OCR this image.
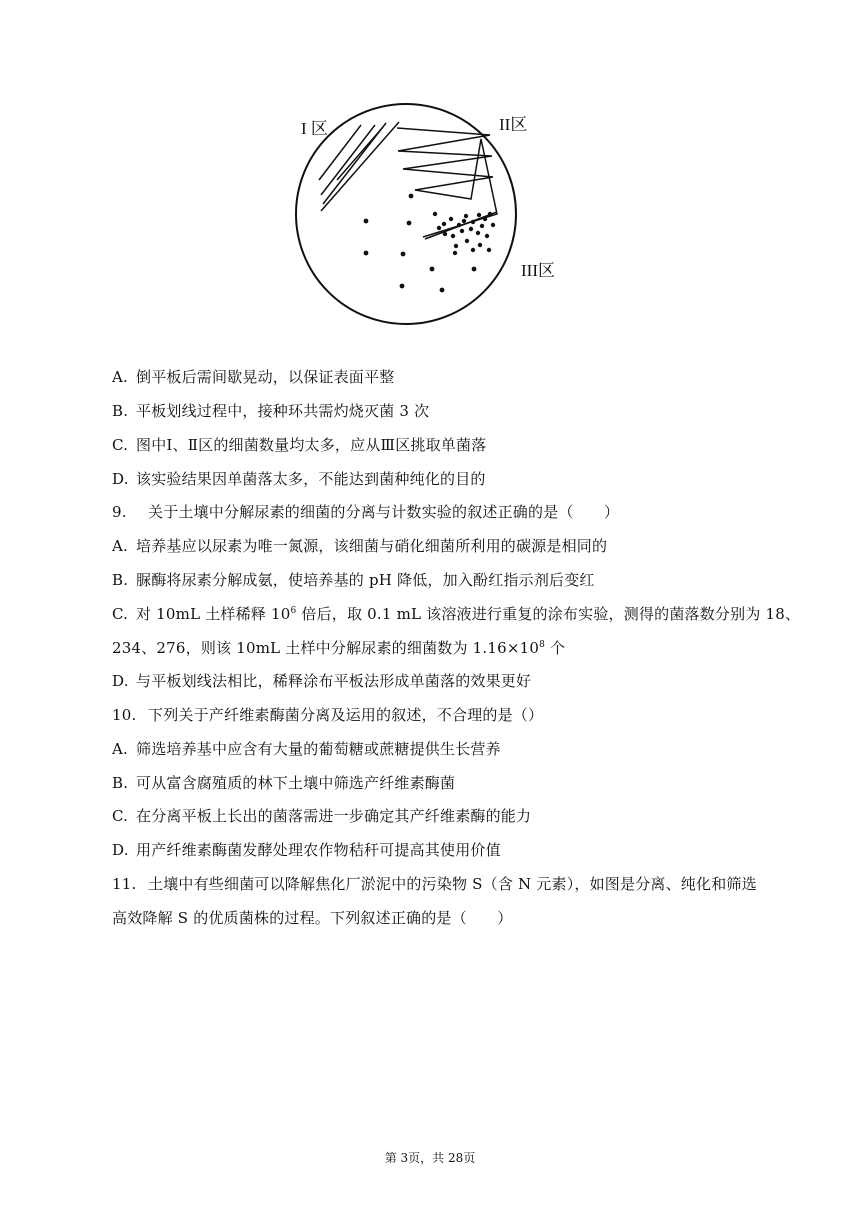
I 区	II区
III区
A. 倒平板后需间歇晃动，以保证表面平整
B. 平板划线过程中，接种环共需灼烧灭菌 3 次
C. 图中Ⅰ、Ⅱ区的细菌数量均太多，应从Ⅲ区挑取单菌落
D. 该实验结果因单菌落太多，不能达到菌种纯化的目的
9. 关于土壤中分解尿素的细菌的分离与计数实验的叙述正确的是（　　）
A. 培养基应以尿素为唯一氮源，该细菌与硝化细菌所利用的碳源是相同的
B. 脲酶将尿素分解成氨，使培养基的 pH 降低，加入酚红指示剂后变红
C. 对 10mL 土样稀释 $10^6$ 倍后，取 0.1 mL 该溶液进行重复的涂布实验，测得的菌落数分别为 18、
234、276，则该 10mL 土样中分解尿素的细菌数为 $1.16\times 10^8$ 个
D. 与平板划线法相比，稀释涂布平板法形成单菌落的效果更好
10. 下列关于产纤维素酶菌分离及运用的叙述，不合理的是（）
A. 筛选培养基中应含有大量的葡萄糖或蔗糖提供生长营养
B. 可从富含腐殖质的林下土壤中筛选产纤维素酶菌
C. 在分离平板上长出的菌落需进一步确定其产纤维素酶的能力
D. 用产纤维素酶菌发酵处理农作物秸秆可提高其使用价值
11. 土壤中有些细菌可以降解焦化厂淤泥中的污染物 S（含 N 元素），如图是分离、纯化和筛选
高效降解 S 的优质菌株的过程。下列叙述正确的是（　　）
第 3页，共 28页
